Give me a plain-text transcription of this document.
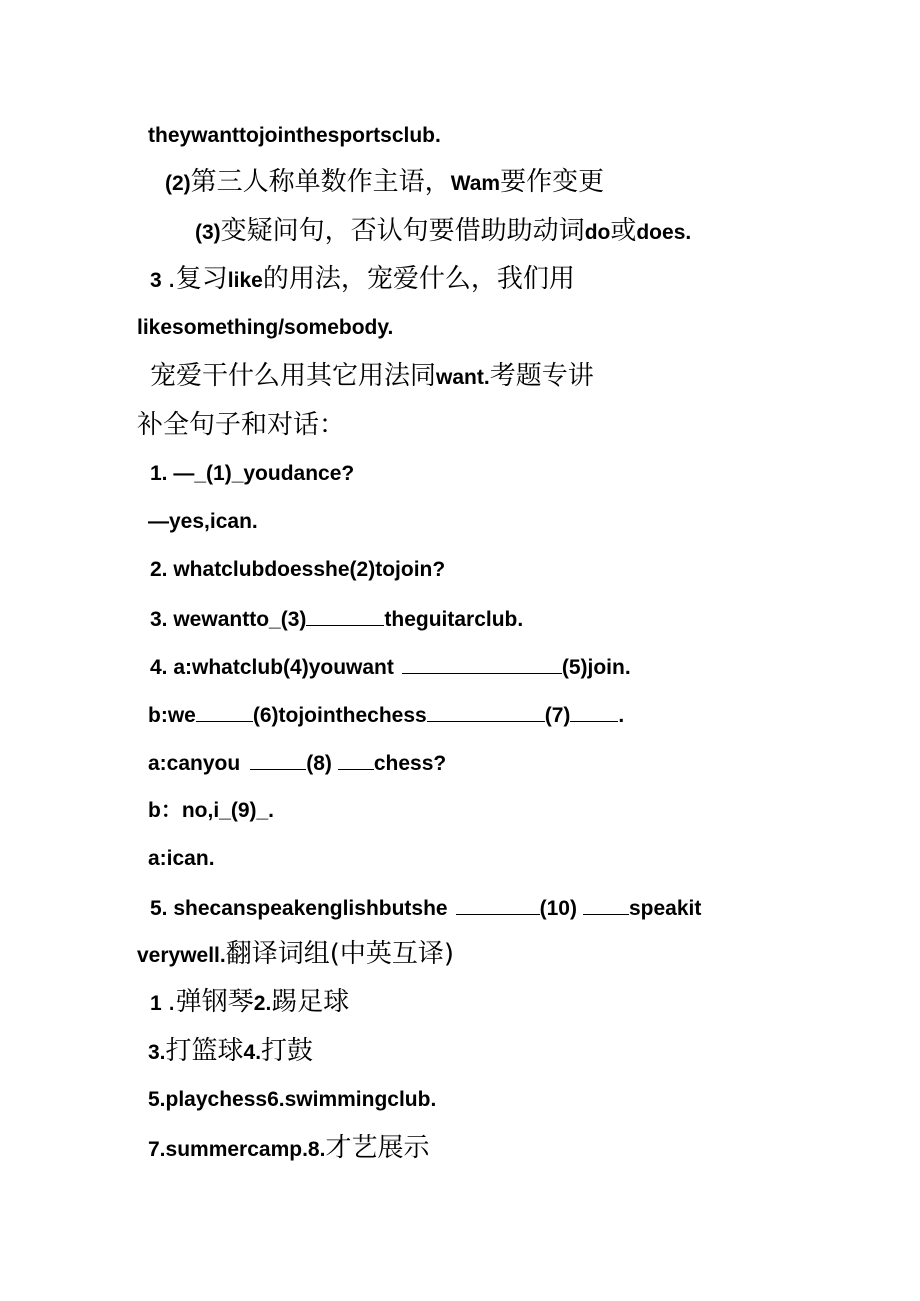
theywanttojointhesportsclub.
(2)第三人称单数作主语，Wam要作变更
(3)变疑问句，否认句要借助助动词do或does.
3 .复习like的用法，宠爱什么，我们用
likesomething/somebody.
宠爱干什么用其它用法同want.考题专讲
补全句子和对话：
1. —_(1)_youdance?
—yes,ican.
2. whatclubdoesshe(2)tojoin?
3. wewantto_(3)	theguitarclub.
4. a:whatclub(4)youwant	(5)join.
b:we	(6)tojointhechess	(7) .
a:canyou	(8) chess?
b：no,i_(9)_.
a:ican.
5. shecanspeakenglishbutshe	(10) speakit
verywell.翻译词组(中英互译)
1 .弹钢琴2.踢足球
3.打篮球4.打鼓
5.playchess6.swimmingclub.
7.summercamp.8.才艺展示
